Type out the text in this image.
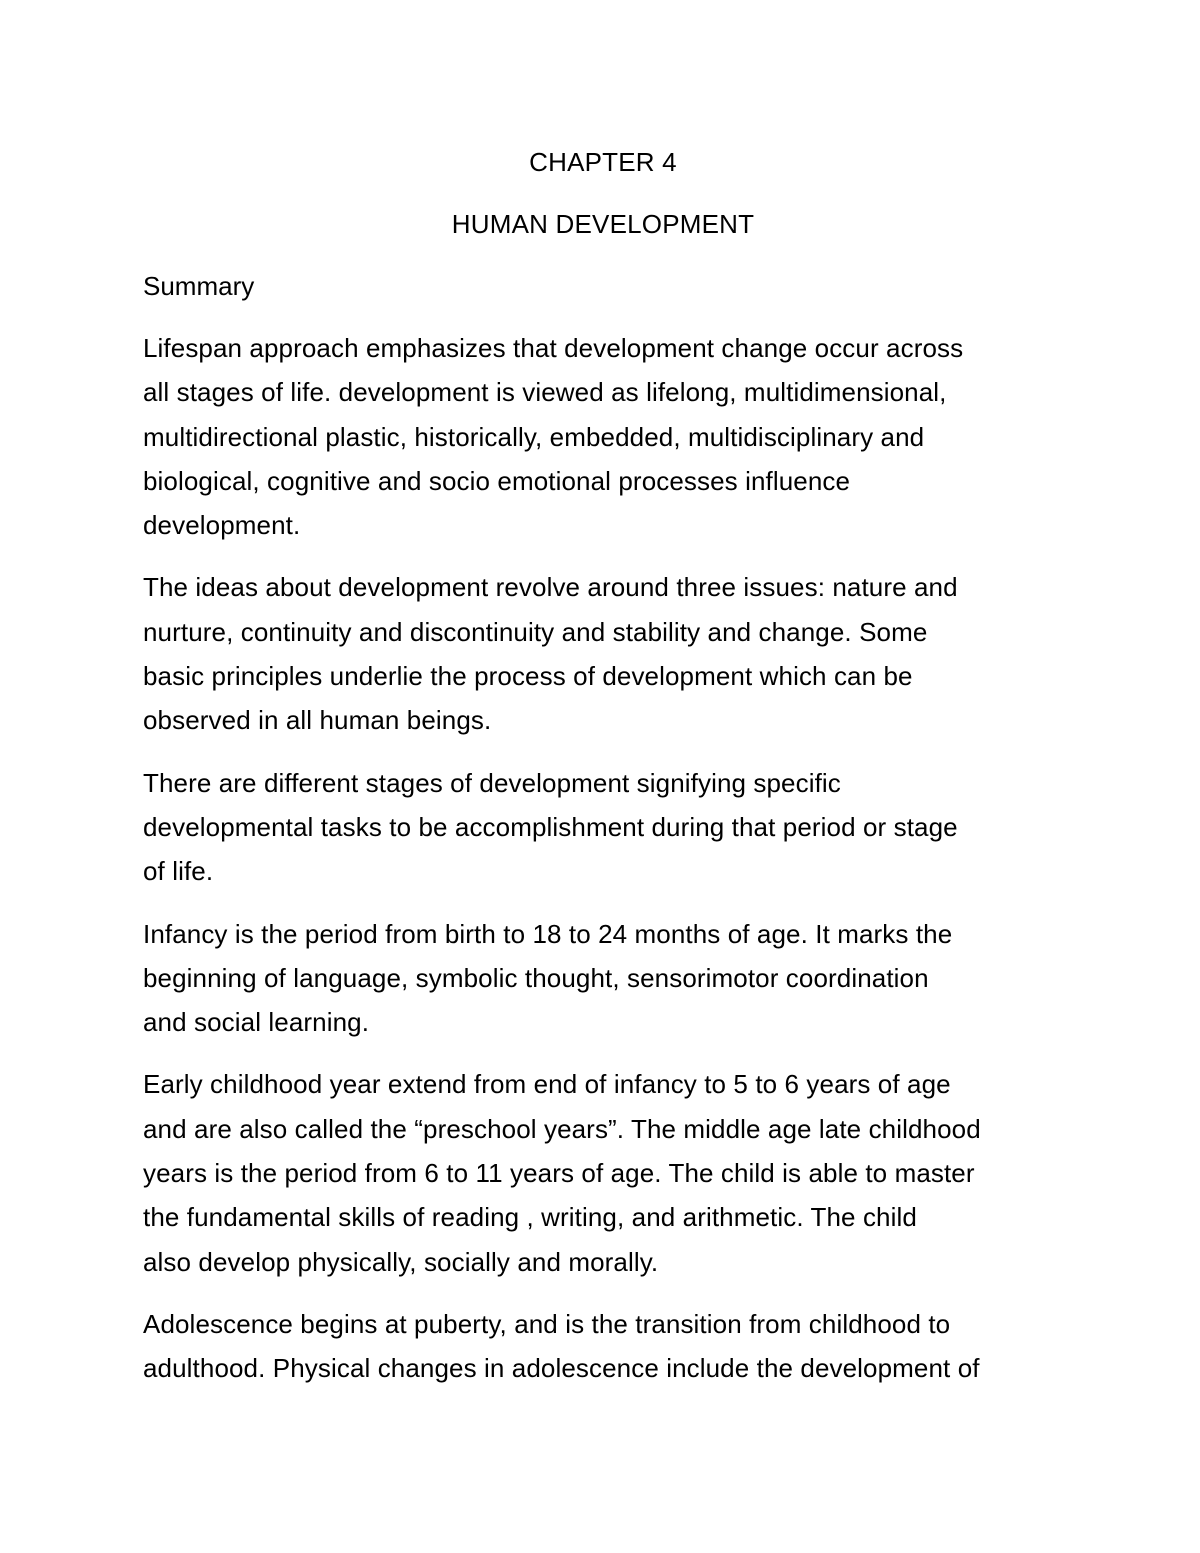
CHAPTER 4
HUMAN DEVELOPMENT
Summary

Lifespan approach emphasizes that development change occur across
all stages of life. development is viewed as lifelong, multidimensional,
multidirectional plastic, historically, embedded, multidisciplinary and
biological, cognitive and socio emotional processes influence
development.

The ideas about development revolve around three issues: nature and
nurture, continuity and discontinuity and stability and change. Some
basic principles underlie the process of development which can be
observed in all human beings.

There are different stages of development signifying specific
developmental tasks to be accomplishment during that period or stage
of life.

Infancy is the period from birth to 18 to 24 months of age. It marks the
beginning of language, symbolic thought, sensorimotor coordination
and social learning.

Early childhood year extend from end of infancy to 5 to 6 years of age
and are also called the “preschool years”. The middle age late childhood
years is the period from 6 to 11 years of age. The child is able to master
the fundamental skills of reading , writing, and arithmetic. The child
also develop physically, socially and morally.

Adolescence begins at puberty, and is the transition from childhood to
adulthood. Physical changes in adolescence include the development of
